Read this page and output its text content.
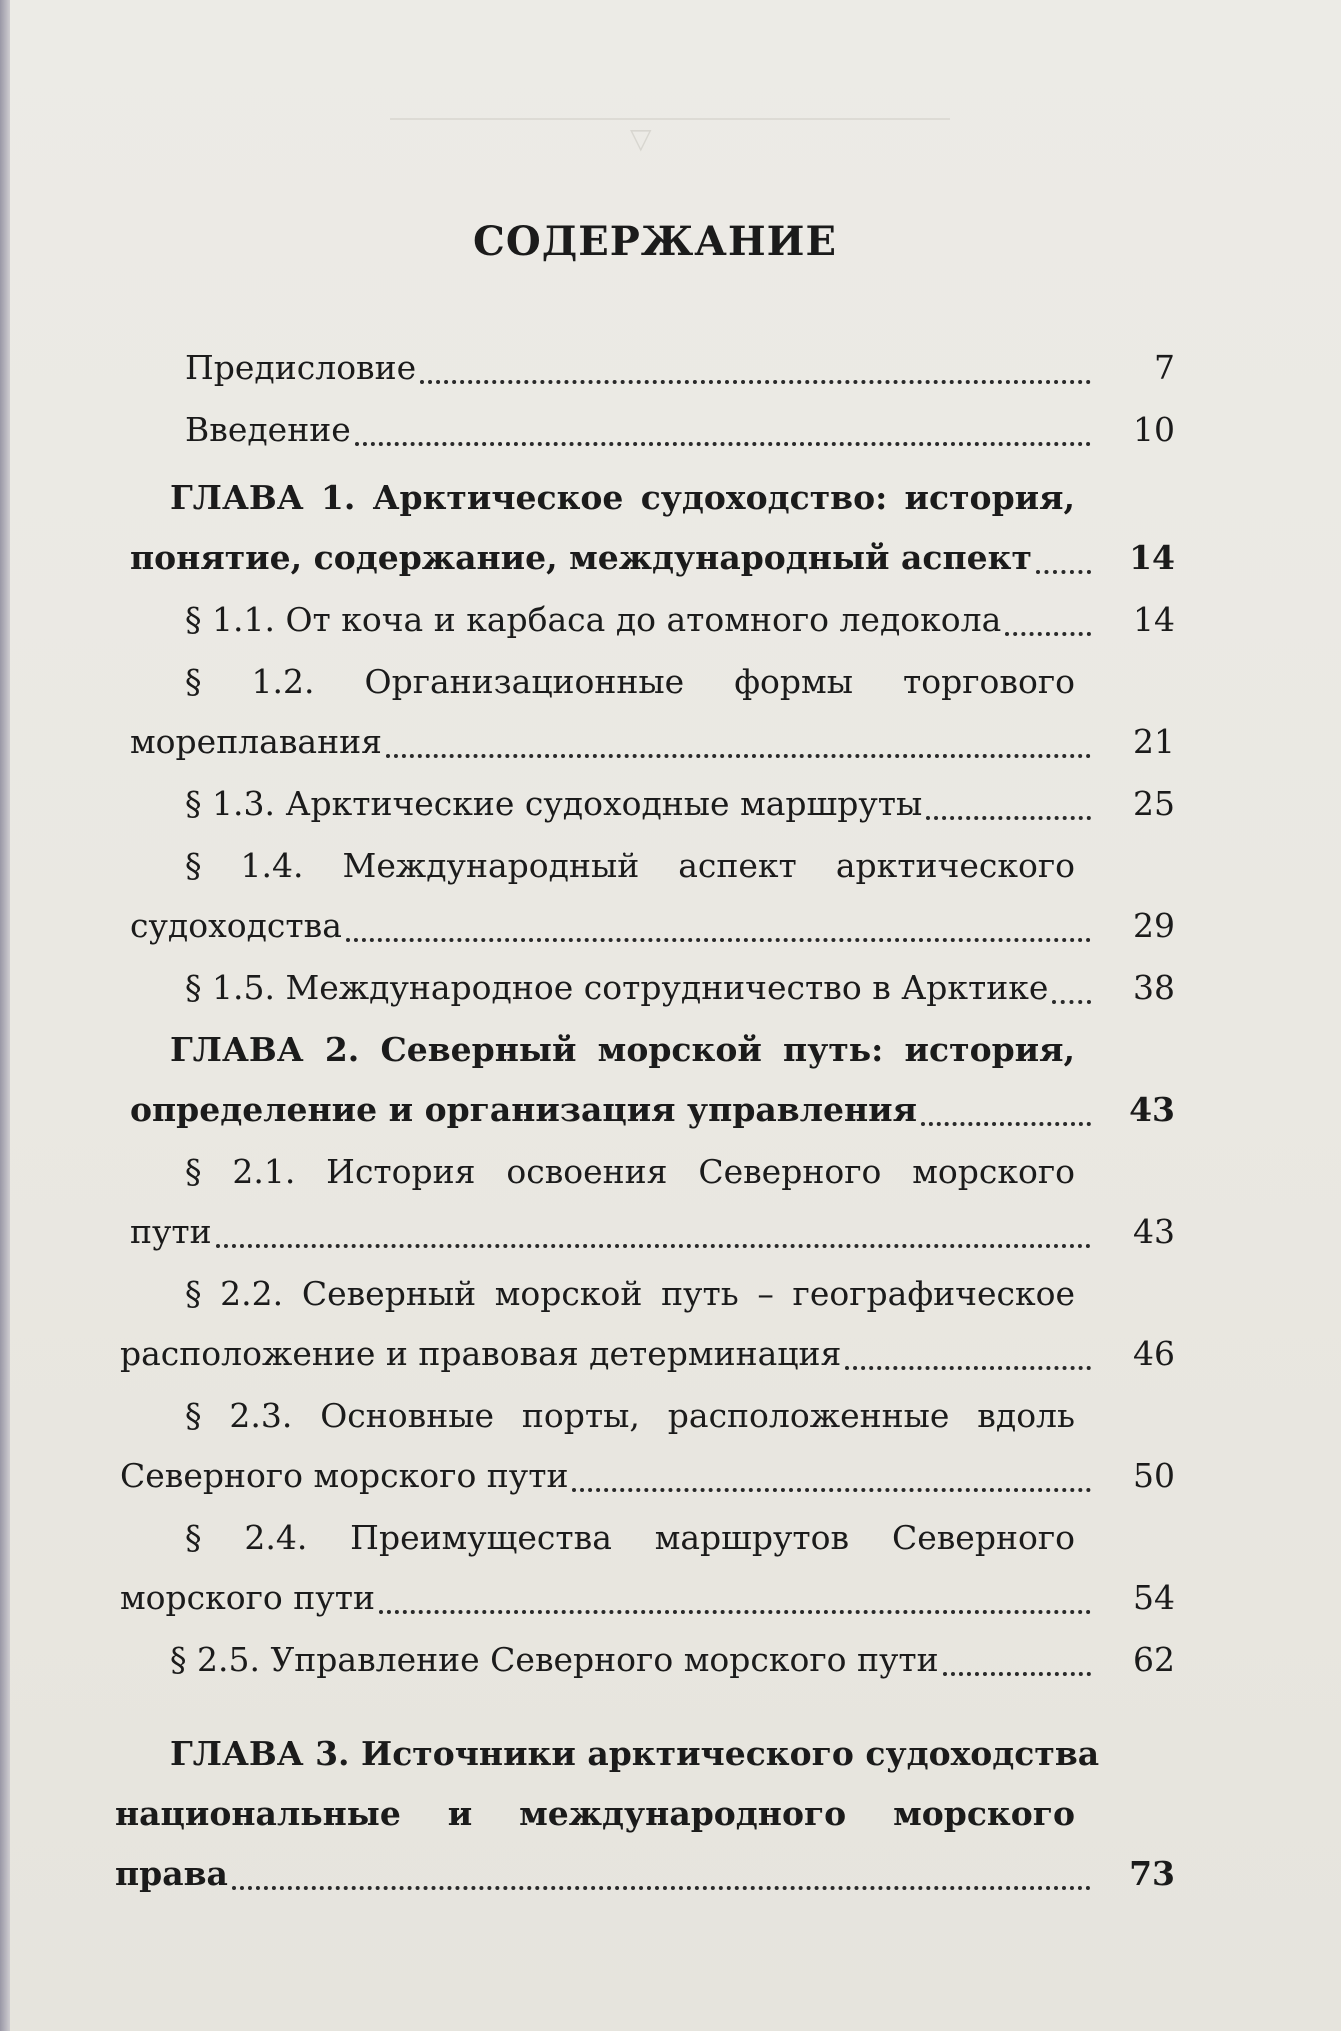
▽
СОДЕРЖАНИЕ
Предисловие	7
Введение	10
ГЛАВА 1. Арктическое судоходство: история,
понятие, содержание, международный аспект	14
§ 1.1. От коча и карбаса до атомного ледокола	14
§ 1.2. Организационные формы торгового
мореплавания	21
§ 1.3. Арктические судоходные маршруты	25
§ 1.4. Международный аспект арктического
судоходства	29
§ 1.5. Международное сотрудничество в Арктике	38
ГЛАВА 2. Северный морской путь: история,
определение и организация управления	43
§ 2.1. История освоения Северного морского
пути	43
§ 2.2. Северный морской путь – географическое
расположение и правовая детерминация	46
§ 2.3. Основные порты, расположенные вдоль
Северного морского пути	50
§ 2.4. Преимущества маршрутов Северного
морского пути	54
§ 2.5. Управление Северного морского пути	62
ГЛАВА 3. Источники арктического судоходства
национальные и международного морского
права	73
